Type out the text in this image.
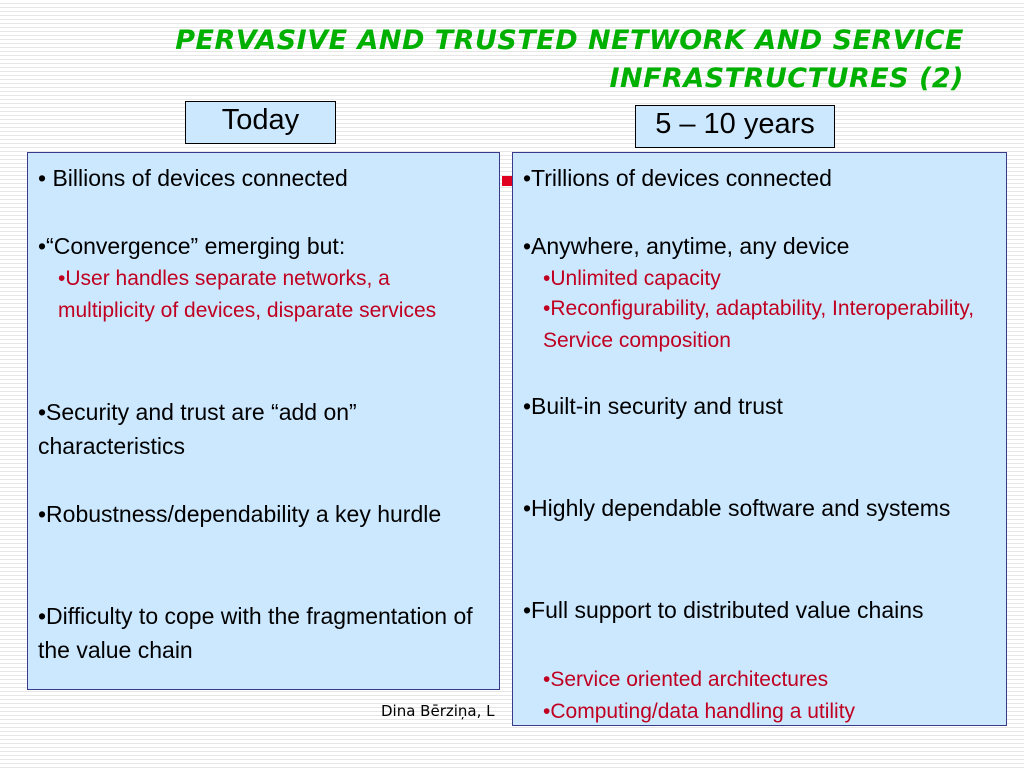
PERVASIVE AND TRUSTED NETWORK AND SERVICE
INFRASTRUCTURES (2)
Today	5 – 10 years
• Billions of devices connected
•“Convergence” emerging but:
•User handles separate networks, a multiplicity of devices, disparate services
•Security and trust are “add on” characteristics
•Robustness/dependability a key hurdle
•Difficulty to cope with the fragmentation of the value chain
•Trillions of devices connected
•Anywhere, anytime, any device
•Unlimited capacity
•Reconfigurability, adaptability, Interoperability, Service composition
•Built-in security and trust
•Highly dependable software and systems
•Full support to distributed value chains
•Service oriented architectures
•Computing/data handling a utility
Dina Bērziņa, L
